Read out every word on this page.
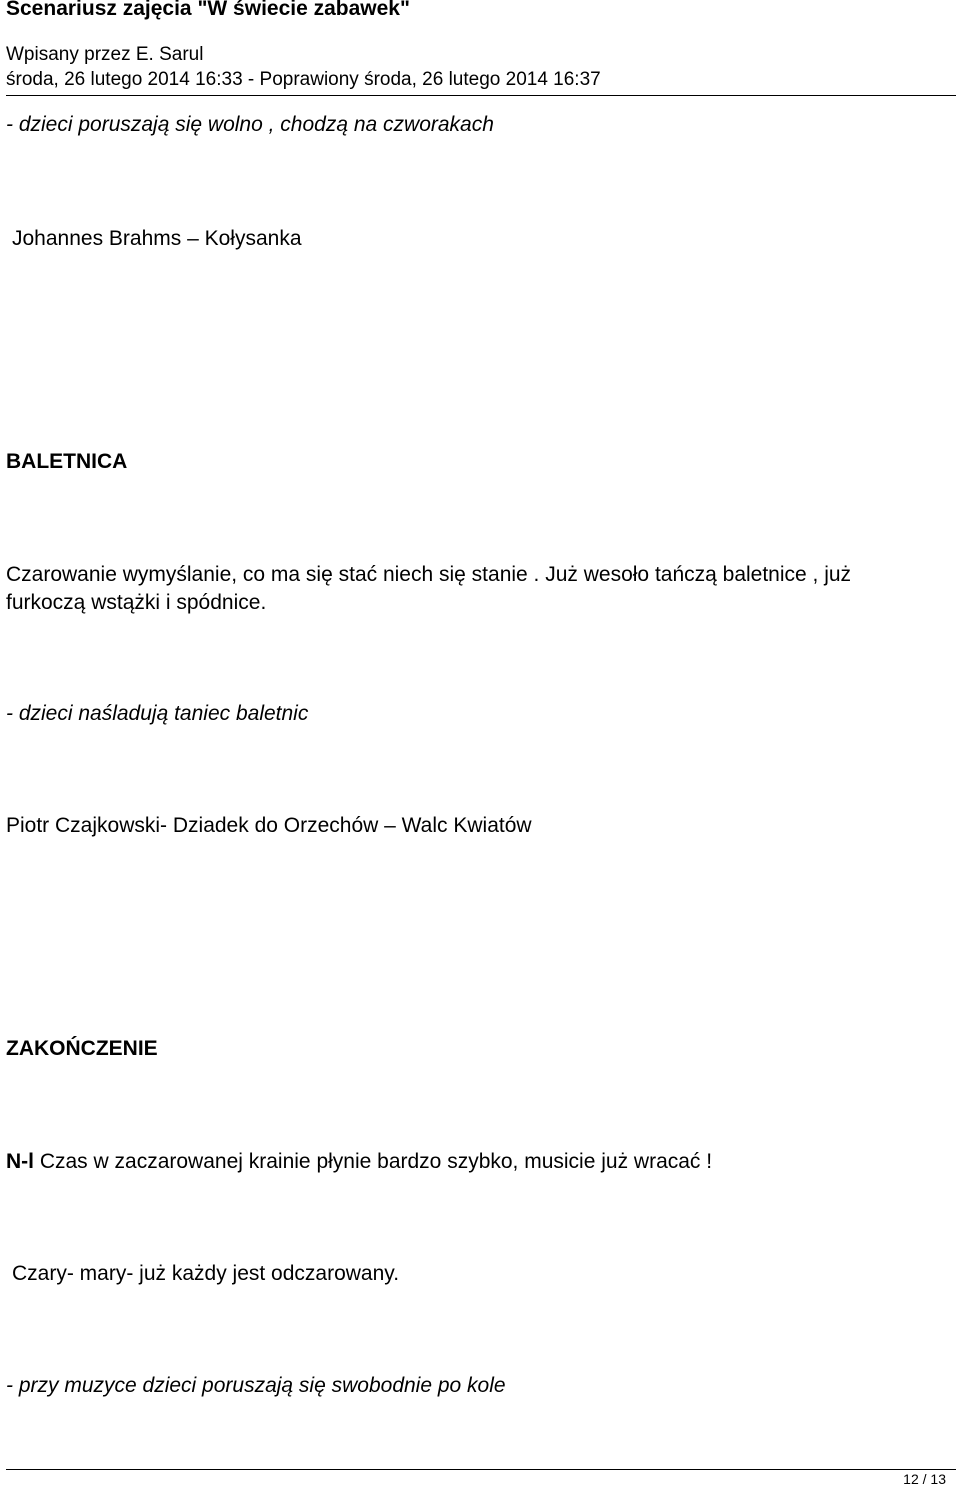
Scenariusz zajęcia "W świecie zabawek"
Wpisany przez E. Sarul
środa, 26 lutego 2014 16:33 - Poprawiony środa, 26 lutego 2014 16:37
- dzieci poruszają się wolno , chodzą na czworakach
Johannes Brahms – Kołysanka
BALETNICA
Czarowanie wymyślanie, co ma się stać niech się stanie . Już wesoło tańczą baletnice , już furkoczą wstążki i spódnice.
- dzieci naśladują taniec baletnic
Piotr Czajkowski- Dziadek do Orzechów – Walc Kwiatów
ZAKOŃCZENIE
N-l Czas w zaczarowanej krainie płynie bardzo szybko, musicie już wracać !
Czary- mary- już każdy jest odczarowany.
- przy muzyce dzieci poruszają się swobodnie po kole
12 / 13
